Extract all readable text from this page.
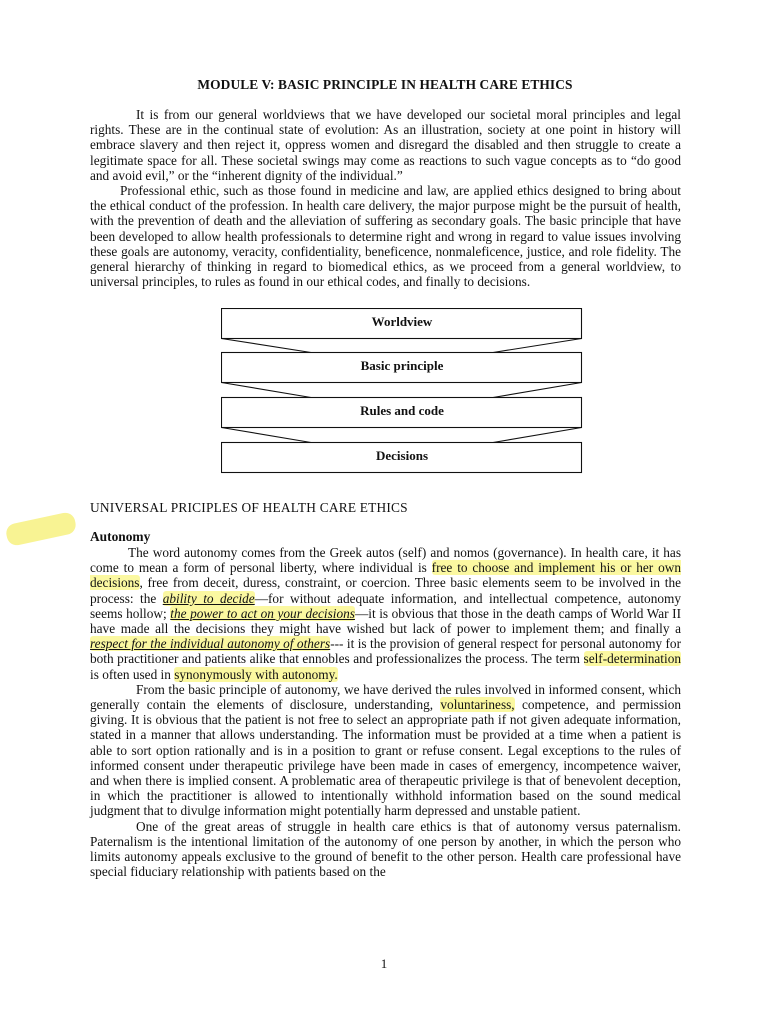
MODULE V: BASIC PRINCIPLE IN HEALTH CARE ETHICS

It is from our general worldviews that we have developed our societal moral principles and legal rights. These are in the continual state of evolution: As an illustration, society at one point in history will embrace slavery and then reject it, oppress women and disregard the disabled and then struggle to create a legitimate space for all. These societal swings may come as reactions to such vague concepts as to “do good and avoid evil,” or the “inherent dignity of the individual.”

Professional ethic, such as those found in medicine and law, are applied ethics designed to bring about the ethical conduct of the profession. In health care delivery, the major purpose might be the pursuit of health, with the prevention of death and the alleviation of suffering as secondary goals. The basic principle that have been developed to allow health professionals to determine right and wrong in regard to value issues involving these goals are autonomy, veracity, confidentiality, beneficence, nonmaleficence, justice, and role fidelity. The general hierarchy of thinking in regard to biomedical ethics, as we proceed from a general worldview, to universal principles, to rules as found in our ethical codes, and finally to decisions.

Worldview
Basic principle
Rules and code
Decisions
UNIVERSAL PRICIPLES OF HEALTH CARE ETHICS
Autonomy

The word autonomy comes from the Greek autos (self) and nomos (governance). In health care, it has come to mean a form of personal liberty, where individual is free to choose and implement his or her own decisions, free from deceit, duress, constraint, or coercion. Three basic elements seem to be involved in the process: the ability to decide—for without adequate information, and intellectual competence, autonomy seems hollow; the power to act on your decisions—it is obvious that those in the death camps of World War II have made all the decisions they might have wished but lack of power to implement them; and finally a respect for the individual autonomy of others--- it is the provision of general respect for personal autonomy for both practitioner and patients alike that ennobles and professionalizes the process. The term self-determination is often used in synonymously with autonomy.

From the basic principle of autonomy, we have derived the rules involved in informed consent, which generally contain the elements of disclosure, understanding, voluntariness, competence, and permission giving. It is obvious that the patient is not free to select an appropriate path if not given adequate information, stated in a manner that allows understanding. The information must be provided at a time when a patient is able to sort option rationally and is in a position to grant or refuse consent. Legal exceptions to the rules of informed consent under therapeutic privilege have been made in cases of emergency, incompetence waiver, and when there is implied consent. A problematic area of therapeutic privilege is that of benevolent deception, in which the practitioner is allowed to intentionally withhold information based on the sound medical judgment that to divulge information might potentially harm depressed and unstable patient.

One of the great areas of struggle in health care ethics is that of autonomy versus paternalism. Paternalism is the intentional limitation of the autonomy of one person by another, in which the person who limits autonomy appeals exclusive to the ground of benefit to the other person. Health care professional have special fiduciary relationship with patients based on the

1
